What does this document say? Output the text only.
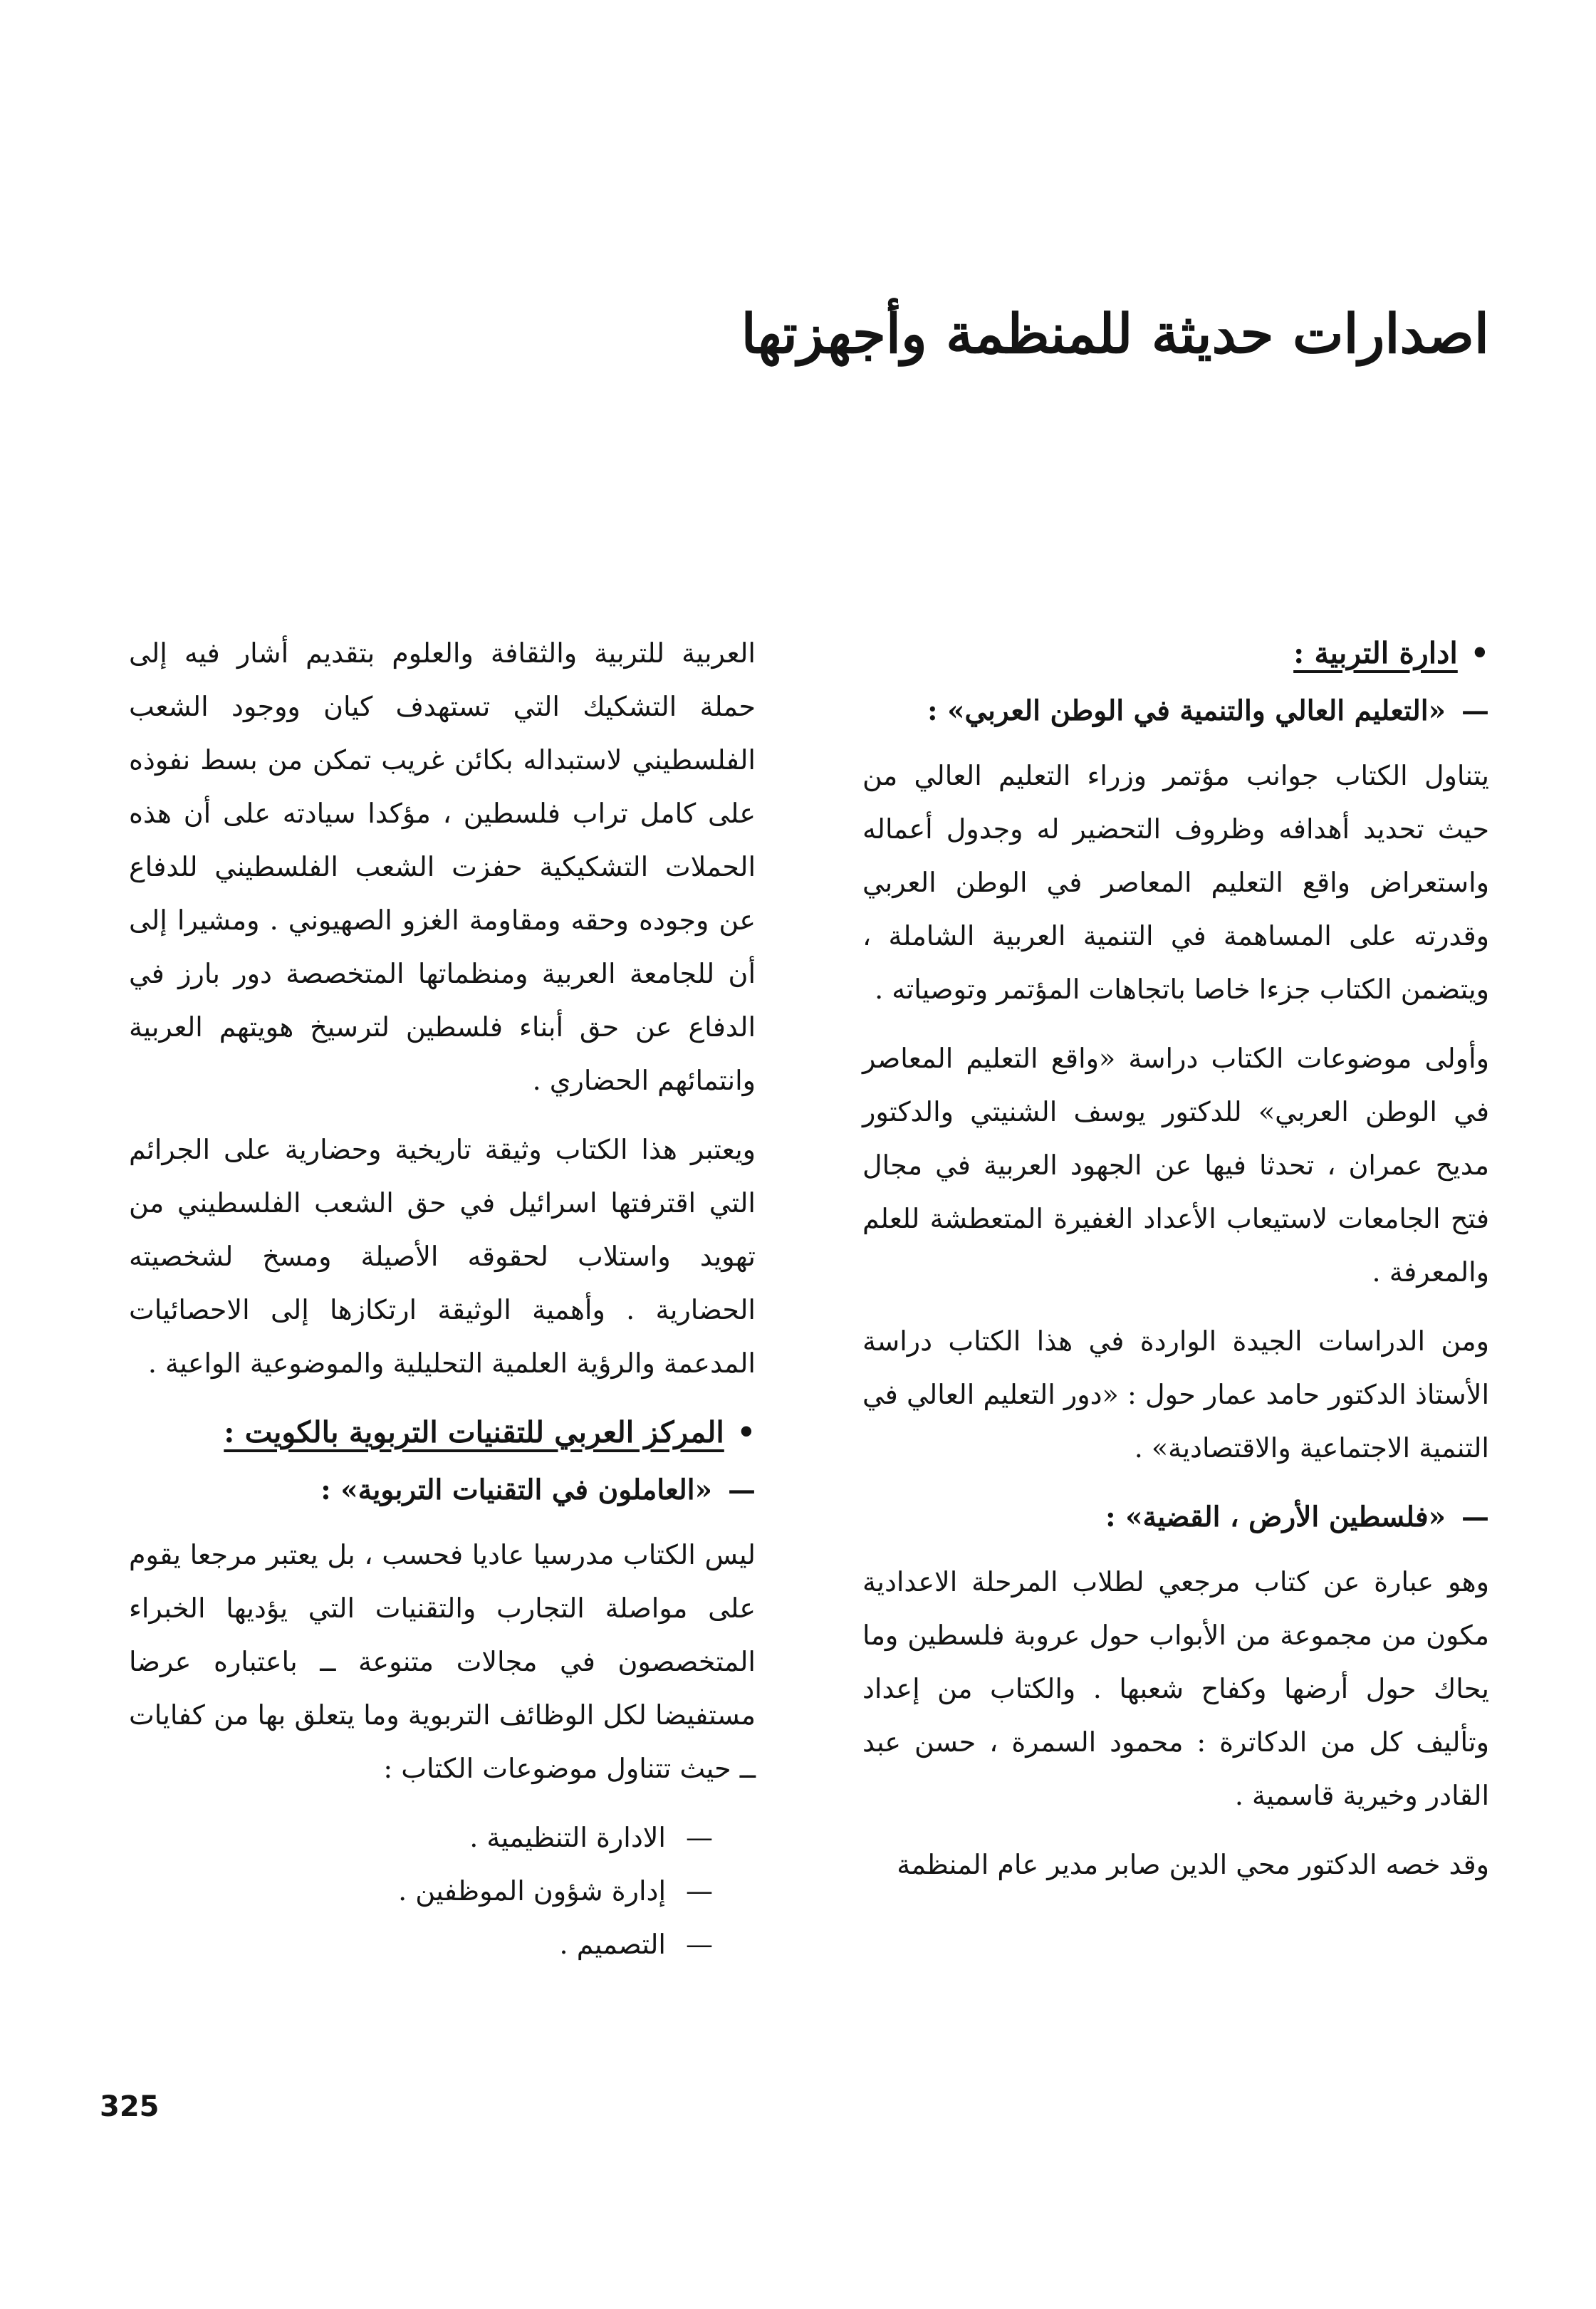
اصدارات حديثة للمنظمة وأجهزتها
•ادارة التربية :
—«التعليم العالي والتنمية في الوطن العربي» :

يتناول الكتاب جوانب مؤتمر وزراء التعليم العالي من حيث تحديد أهدافه وظروف التحضير له وجدول أعماله واستعراض واقع التعليم المعاصر في الوطن العربي وقدرته على المساهمة في التنمية العربية الشاملة ، ويتضمن الكتاب جزءا خاصا باتجاهات المؤتمر وتوصياته .

وأولى موضوعات الكتاب دراسة «واقع التعليم المعاصر في الوطن العربي» للدكتور يوسف الشنيتي والدكتور مديح عمران ، تحدثا فيها عن الجهود العربية في مجال فتح الجامعات لاستيعاب الأعداد الغفيرة المتعطشة للعلم والمعرفة .

ومن الدراسات الجيدة الواردة في هذا الكتاب دراسة الأستاذ الدكتور حامد عمار حول : «دور التعليم العالي في التنمية الاجتماعية والاقتصادية» .

—«فلسطين الأرض ، القضية» :

وهو عبارة عن كتاب مرجعي لطلاب المرحلة الاعدادية مكون من مجموعة من الأبواب حول عروبة فلسطين وما يحاك حول أرضها وكفاح شعبها . والكتاب من إعداد وتأليف كل من الدكاترة : محمود السمرة ، حسن عبد القادر وخيرية قاسمية .

وقد خصه الدكتور محي الدين صابر مدير عام المنظمة

العربية للتربية والثقافة والعلوم بتقديم أشار فيه إلى حملة التشكيك التي تستهدف كيان ووجود الشعب الفلسطيني لاستبداله بكائن غريب تمكن من بسط نفوذه على كامل تراب فلسطين ، مؤكدا سيادته على أن هذه الحملات التشكيكية حفزت الشعب الفلسطيني للدفاع عن وجوده وحقه ومقاومة الغزو الصهيوني . ومشيرا إلى أن للجامعة العربية ومنظماتها المتخصصة دور بارز في الدفاع عن حق أبناء فلسطين لترسيخ هويتهم العربية وانتمائهم الحضاري .

ويعتبر هذا الكتاب وثيقة تاريخية وحضارية على الجرائم التي اقترفتها اسرائيل في حق الشعب الفلسطيني من تهويد واستلاب لحقوقه الأصيلة ومسخ لشخصيته الحضارية . وأهمية الوثيقة ارتكازها إلى الاحصائيات المدعمة والرؤية العلمية التحليلية والموضوعية الواعية .

•المركز العربي للتقنيات التربوية بالكويت :
—«العاملون في التقنيات التربوية» :

ليس الكتاب مدرسيا عاديا فحسب ، بل يعتبر مرجعا يقوم على مواصلة التجارب والتقنيات التي يؤديها الخبراء المتخصصون في مجالات متنوعة ــ باعتباره عرضا مستفيضا لكل الوظائف التربوية وما يتعلق بها من كفايات ــ حيث تتناول موضوعات الكتاب :

—الادارة التنظيمية .
—إدارة شؤون الموظفين .
—التصميم .
325
